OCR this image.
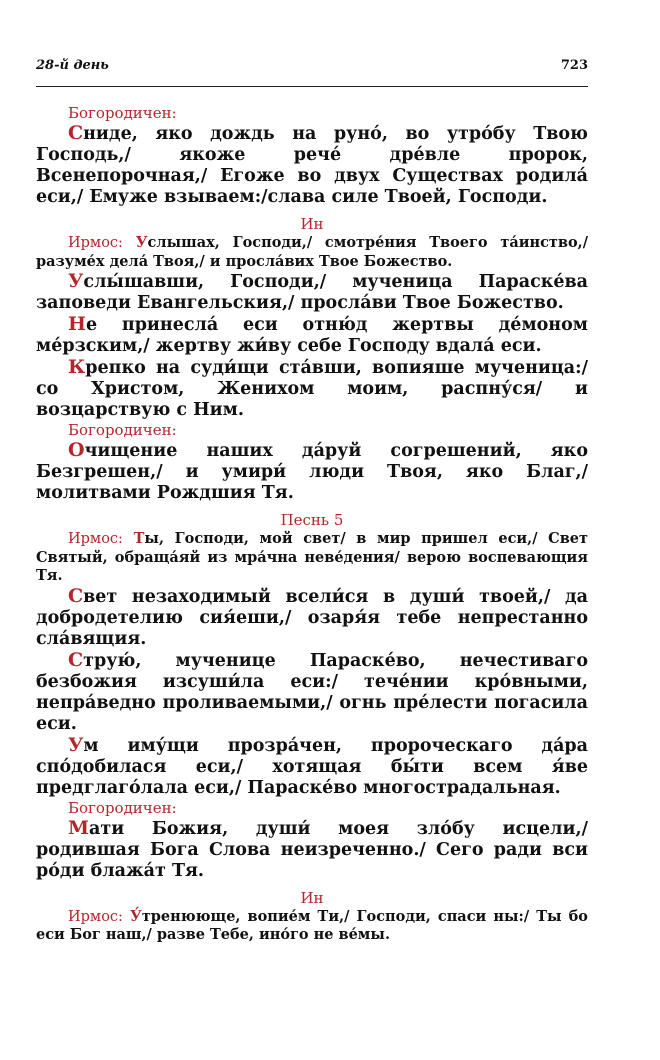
28-й день	723
Богородичен:
Сниде, яко дождь на руно́, во утро́бу Твою Господь,/ якоже рече́ дре́вле пророк, Всенепорочная,/ Егоже во двух Существах родила́ еси,/ Емуже взываем:/слава силе Твоей, Господи.
Ин
Ирмос: Услышах, Господи,/ смотре́ния Твоего та́инство,/ разуме́х дела́ Твоя,/ и просла́вих Твое Божество.
Услы́шавши, Господи,/ мученица Параске́ва заповеди Евангельския,/ просла́ви Твое Божество.
Не принесла́ еси отню́д жертвы де́моном ме́рзским,/ жертву жи́ву себе Господу вдала́ еси.
Крепко на суди́щи ста́вши, вопияше мученица:/ со Христом, Женихом моим, распну́ся/ и возцарствую с Ним.
Богородичен:
Очищение наших да́руй согрешений, яко Безгрешен,/ и умири́ люди Твоя, яко Благ,/ молитвами Рождшия Тя.
Песнь 5
Ирмос: Ты, Господи, мой свет/ в мир пришел еси,/ Свет Святый, обраща́яй из мра́чна неве́дения/ верою воспевающия Тя.
Свет незаходимый всели́ся в души́ твоей,/ да добродетелию сия́еши,/ озаря́я тебе непрестанно сла́вящия.
Струю́, мученице Параске́во, нечестиваго безбожия изсуши́ла еси:/ тече́нии кро́вными, непра́ведно проливаемыми,/ огнь пре́лести погасила еси.
Ум иму́щи прозра́чен, пророческаго да́ра спо́добилася еси,/ хотящая бы́ти всем я́ве предглаго́лала еси,/ Параске́во многострадальная.
Богородичен:
Мати Божия, души́ моея зло́бу исцели,/ родившая Бога Слова неизреченно./ Сего ради вси ро́ди блажа́т Тя.
Ин
Ирмос: У́тренююще, вопие́м Ти,/ Господи, спаси ны:/ Ты бо еси Бог наш,/ разве Тебе, ино́го не ве́мы.
